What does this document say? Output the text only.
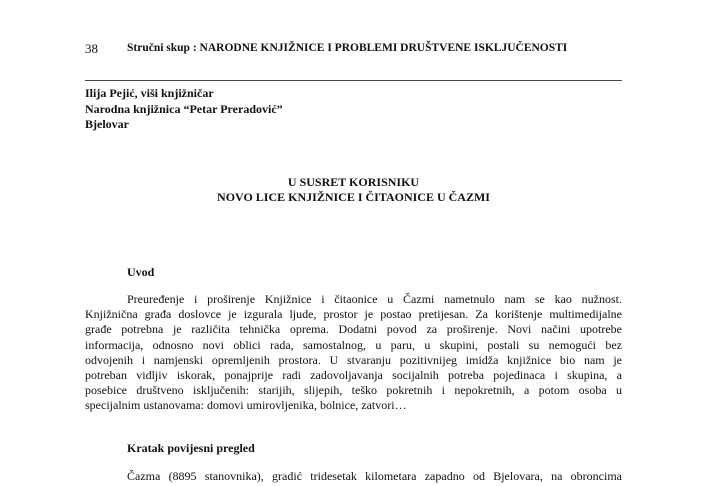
38	Stručni skup : NARODNE KNJIŽNICE I PROBLEMI DRUŠTVENE ISKLJUČENOSTI
Ilija Pejić, viši knjižničar
Narodna knjižnica “Petar Preradović”
Bjelovar
U SUSRET KORISNIKU
NOVO LICE KNJIŽNICE I ČITAONICE U ČAZMI
Uvod
Preuređenje i proširenje Knjižnice i čitaonice u Čazmi nametnulo nam se kao nužnost.
Knjižnična građa doslovce je izgurala ljude, prostor je postao pretijesan. Za korištenje multimedijalne
građe potrebna je različita tehnička oprema. Dodatni povod za proširenje. Novi načini upotrebe
informacija, odnosno novi oblici rada, samostalnog, u paru, u skupini, postali su nemogući bez
odvojenih i namjenski opremljenih prostora. U stvaranju pozitivnijeg imidža knjižnice bio nam je
potreban vidljiv iskorak, ponajprije radi zadovoljavanja socijalnih potreba pojedinaca i skupina, a
posebice društveno isključenih: starijih, slijepih, teško pokretnih i nepokretnih, a potom osoba u
specijalnim ustanovama: domovi umirovljenika, bolnice, zatvori…
Kratak povijesni pregled
Čazma (8895 stanovnika), gradić tridesetak kilometara zapadno od Bjelovara, na obroncima
